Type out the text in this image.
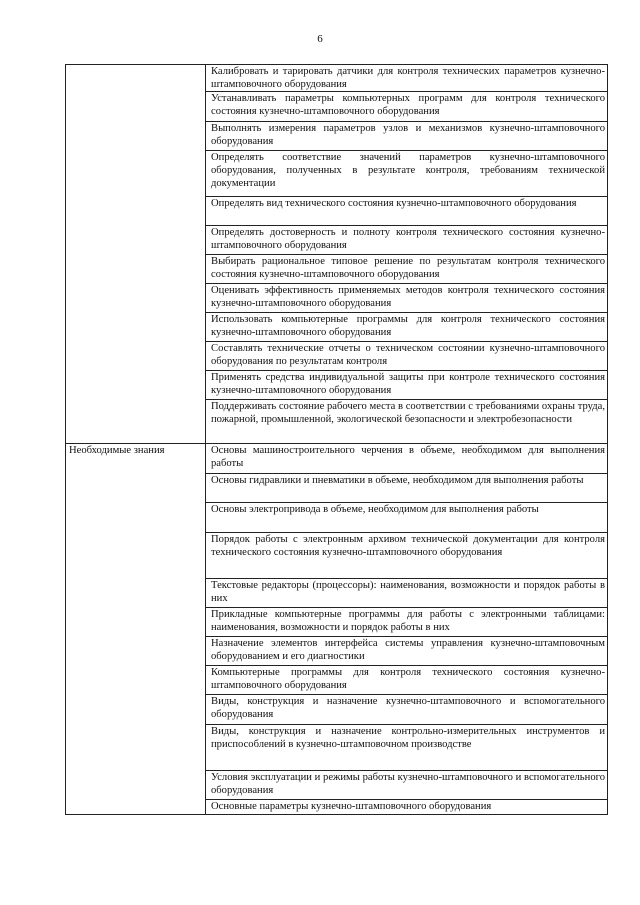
6
	Калибровать и тарировать датчики для контроля технических параметров кузнечно-штамповочного оборудования
	Устанавливать параметры компьютерных программ для контроля технического состояния кузнечно-штамповочного оборудования
	Выполнять измерения параметров узлов и механизмов кузнечно-штамповочного оборудования
	Определять соответствие значений параметров кузнечно-штамповочного оборудования, полученных в результате контроля, требованиям технической документации
	Определять вид технического состояния кузнечно-штамповочного оборудования
	Определять достоверность и полноту контроля технического состояния кузнечно-штамповочного оборудования
	Выбирать рациональное типовое решение по результатам контроля технического состояния кузнечно-штамповочного оборудования
	Оценивать эффективность применяемых методов контроля технического состояния кузнечно-штамповочного оборудования
	Использовать компьютерные программы для контроля технического состояния кузнечно-штамповочного оборудования
	Составлять технические отчеты о техническом состоянии кузнечно-штамповочного оборудования по результатам контроля
	Применять средства индивидуальной защиты при контроле технического состояния кузнечно-штамповочного оборудования
	Поддерживать состояние рабочего места в соответствии с требованиями охраны труда, пожарной, промышленной, экологической безопасности и электробезопасности
Необходимые знания	Основы машиностроительного черчения в объеме, необходимом для выполнения работы
	Основы гидравлики и пневматики в объеме, необходимом для выполнения работы
	Основы электропривода в объеме, необходимом для выполнения работы
	Порядок работы с электронным архивом технической документации для контроля технического состояния кузнечно-штамповочного оборудования
	Текстовые редакторы (процессоры): наименования, возможности и порядок работы в них
	Прикладные компьютерные программы для работы с электронными таблицами: наименования, возможности и порядок работы в них
	Назначение элементов интерфейса системы управления кузнечно-штамповочным оборудованием и его диагностики
	Компьютерные программы для контроля технического состояния кузнечно-штамповочного оборудования
	Виды, конструкция и назначение кузнечно-штамповочного и вспомогательного оборудования
	Виды, конструкция и назначение контрольно-измерительных инструментов и приспособлений в кузнечно-штамповочном производстве
	Условия эксплуатации и режимы работы кузнечно-штамповочного и вспомогательного оборудования
	Основные параметры кузнечно-штамповочного оборудования
